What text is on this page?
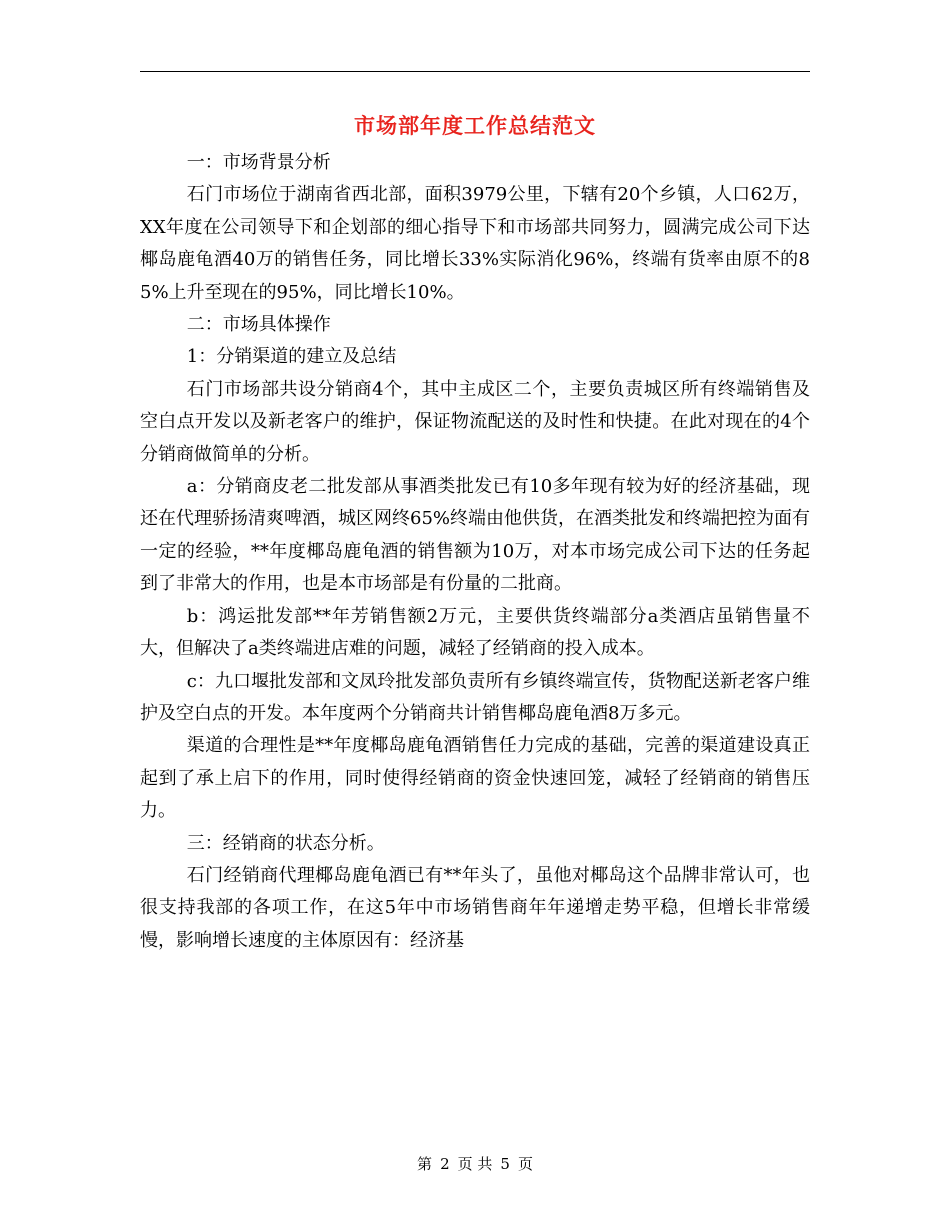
市场部年度工作总结范文

一：市场背景分析

石门市场位于湖南省西北部，面积3979公里，下辖有20个乡镇，人口62万，XX年度在公司领导下和企划部的细心指导下和市场部共同努力，圆满完成公司下达椰岛鹿龟酒40万的销售任务，同比增长33%实际消化96%，终端有货率由原不的85%上升至现在的95%，同比增长10%。

二：市场具体操作

1：分销渠道的建立及总结

石门市场部共设分销商4个，其中主成区二个，主要负责城区所有终端销售及空白点开发以及新老客户的维护，保证物流配送的及时性和快捷。在此对现在的4个分销商做简单的分析。

a：分销商皮老二批发部从事酒类批发已有10多年现有较为好的经济基础，现还在代理骄扬清爽啤酒，城区网终65%终端由他供货，在酒类批发和终端把控为面有一定的经验，**年度椰岛鹿龟酒的销售额为10万，对本市场完成公司下达的任务起到了非常大的作用，也是本市场部是有份量的二批商。

b：鸿运批发部**年芳销售额2万元，主要供货终端部分a类酒店虽销售量不大，但解决了a类终端进店难的问题，减轻了经销商的投入成本。

c：九口堰批发部和文凤玲批发部负责所有乡镇终端宣传，货物配送新老客户维护及空白点的开发。本年度两个分销商共计销售椰岛鹿龟酒8万多元。

渠道的合理性是**年度椰岛鹿龟酒销售任力完成的基础，完善的渠道建设真正起到了承上启下的作用，同时使得经销商的资金快速回笼，减轻了经销商的销售压力。

三：经销商的状态分析。

石门经销商代理椰岛鹿龟酒已有**年头了，虽他对椰岛这个品牌非常认可，也很支持我部的各项工作，在这5年中市场销售商年年递增走势平稳，但增长非常缓慢，影响增长速度的主体原因有：经济基

第 2 页 共 5 页
